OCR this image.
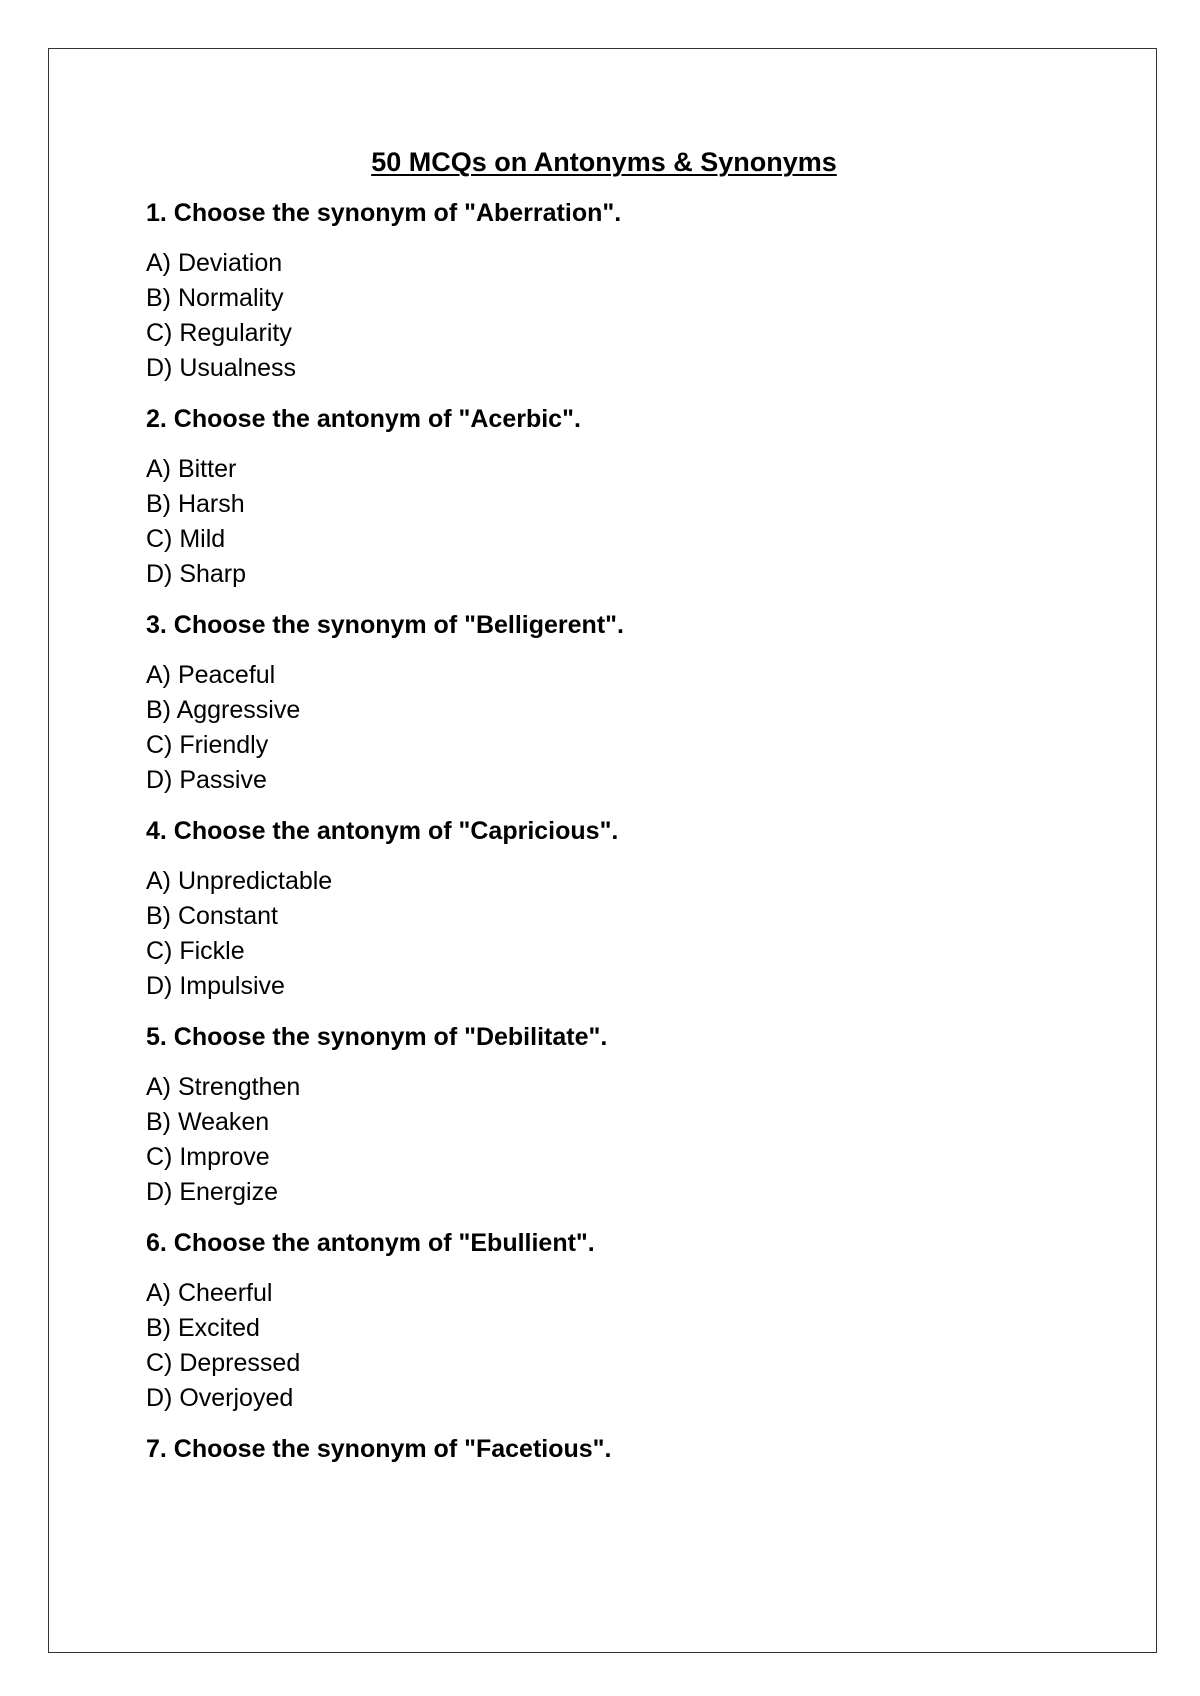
50 MCQs on Antonyms & Synonyms
1. Choose the synonym of "Aberration".
A) Deviation
B) Normality
C) Regularity
D) Usualness
2. Choose the antonym of "Acerbic".
A) Bitter
B) Harsh
C) Mild
D) Sharp
3. Choose the synonym of "Belligerent".
A) Peaceful
B) Aggressive
C) Friendly
D) Passive
4. Choose the antonym of "Capricious".
A) Unpredictable
B) Constant
C) Fickle
D) Impulsive
5. Choose the synonym of "Debilitate".
A) Strengthen
B) Weaken
C) Improve
D) Energize
6. Choose the antonym of "Ebullient".
A) Cheerful
B) Excited
C) Depressed
D) Overjoyed
7. Choose the synonym of "Facetious".
